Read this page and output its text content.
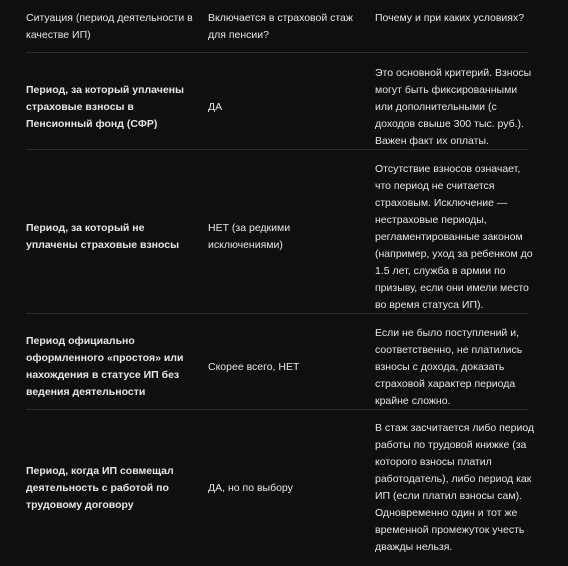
Ситуация (период деятельности в качестве ИП)
Включается в страховой стаж для пенсии?
Почему и при каких условиях?
Период, за который уплачены страховые взносы в Пенсионный фонд (СФР)
ДА
Это основной критерий. Взносы могут быть фиксированными или дополнительными (с доходов свыше 300 тыс. руб.). Важен факт их оплаты.
Период, за который не уплачены страховые взносы
НЕТ (за редкими исключениями)
Отсутствие взносов означает, что период не считается страховым. Исключение — нестраховые периоды, регламентированные законом (например, уход за ребенком до 1.5 лет, служба в армии по призыву, если они имели место во время статуса ИП).
Период официально оформленного «простоя» или нахождения в статусе ИП без ведения деятельности
Скорее всего, НЕТ
Если не было поступлений и, соответственно, не платились взносы с дохода, доказать страховой характер периода крайне сложно.
Период, когда ИП совмещал деятельность с работой по трудовому договору
ДА, но по выбору
В стаж засчитается либо период работы по трудовой книжке (за которого взносы платил работодатель), либо период как ИП (если платил взносы сам). Одновременно один и тот же временной промежуток учесть дважды нельзя.
